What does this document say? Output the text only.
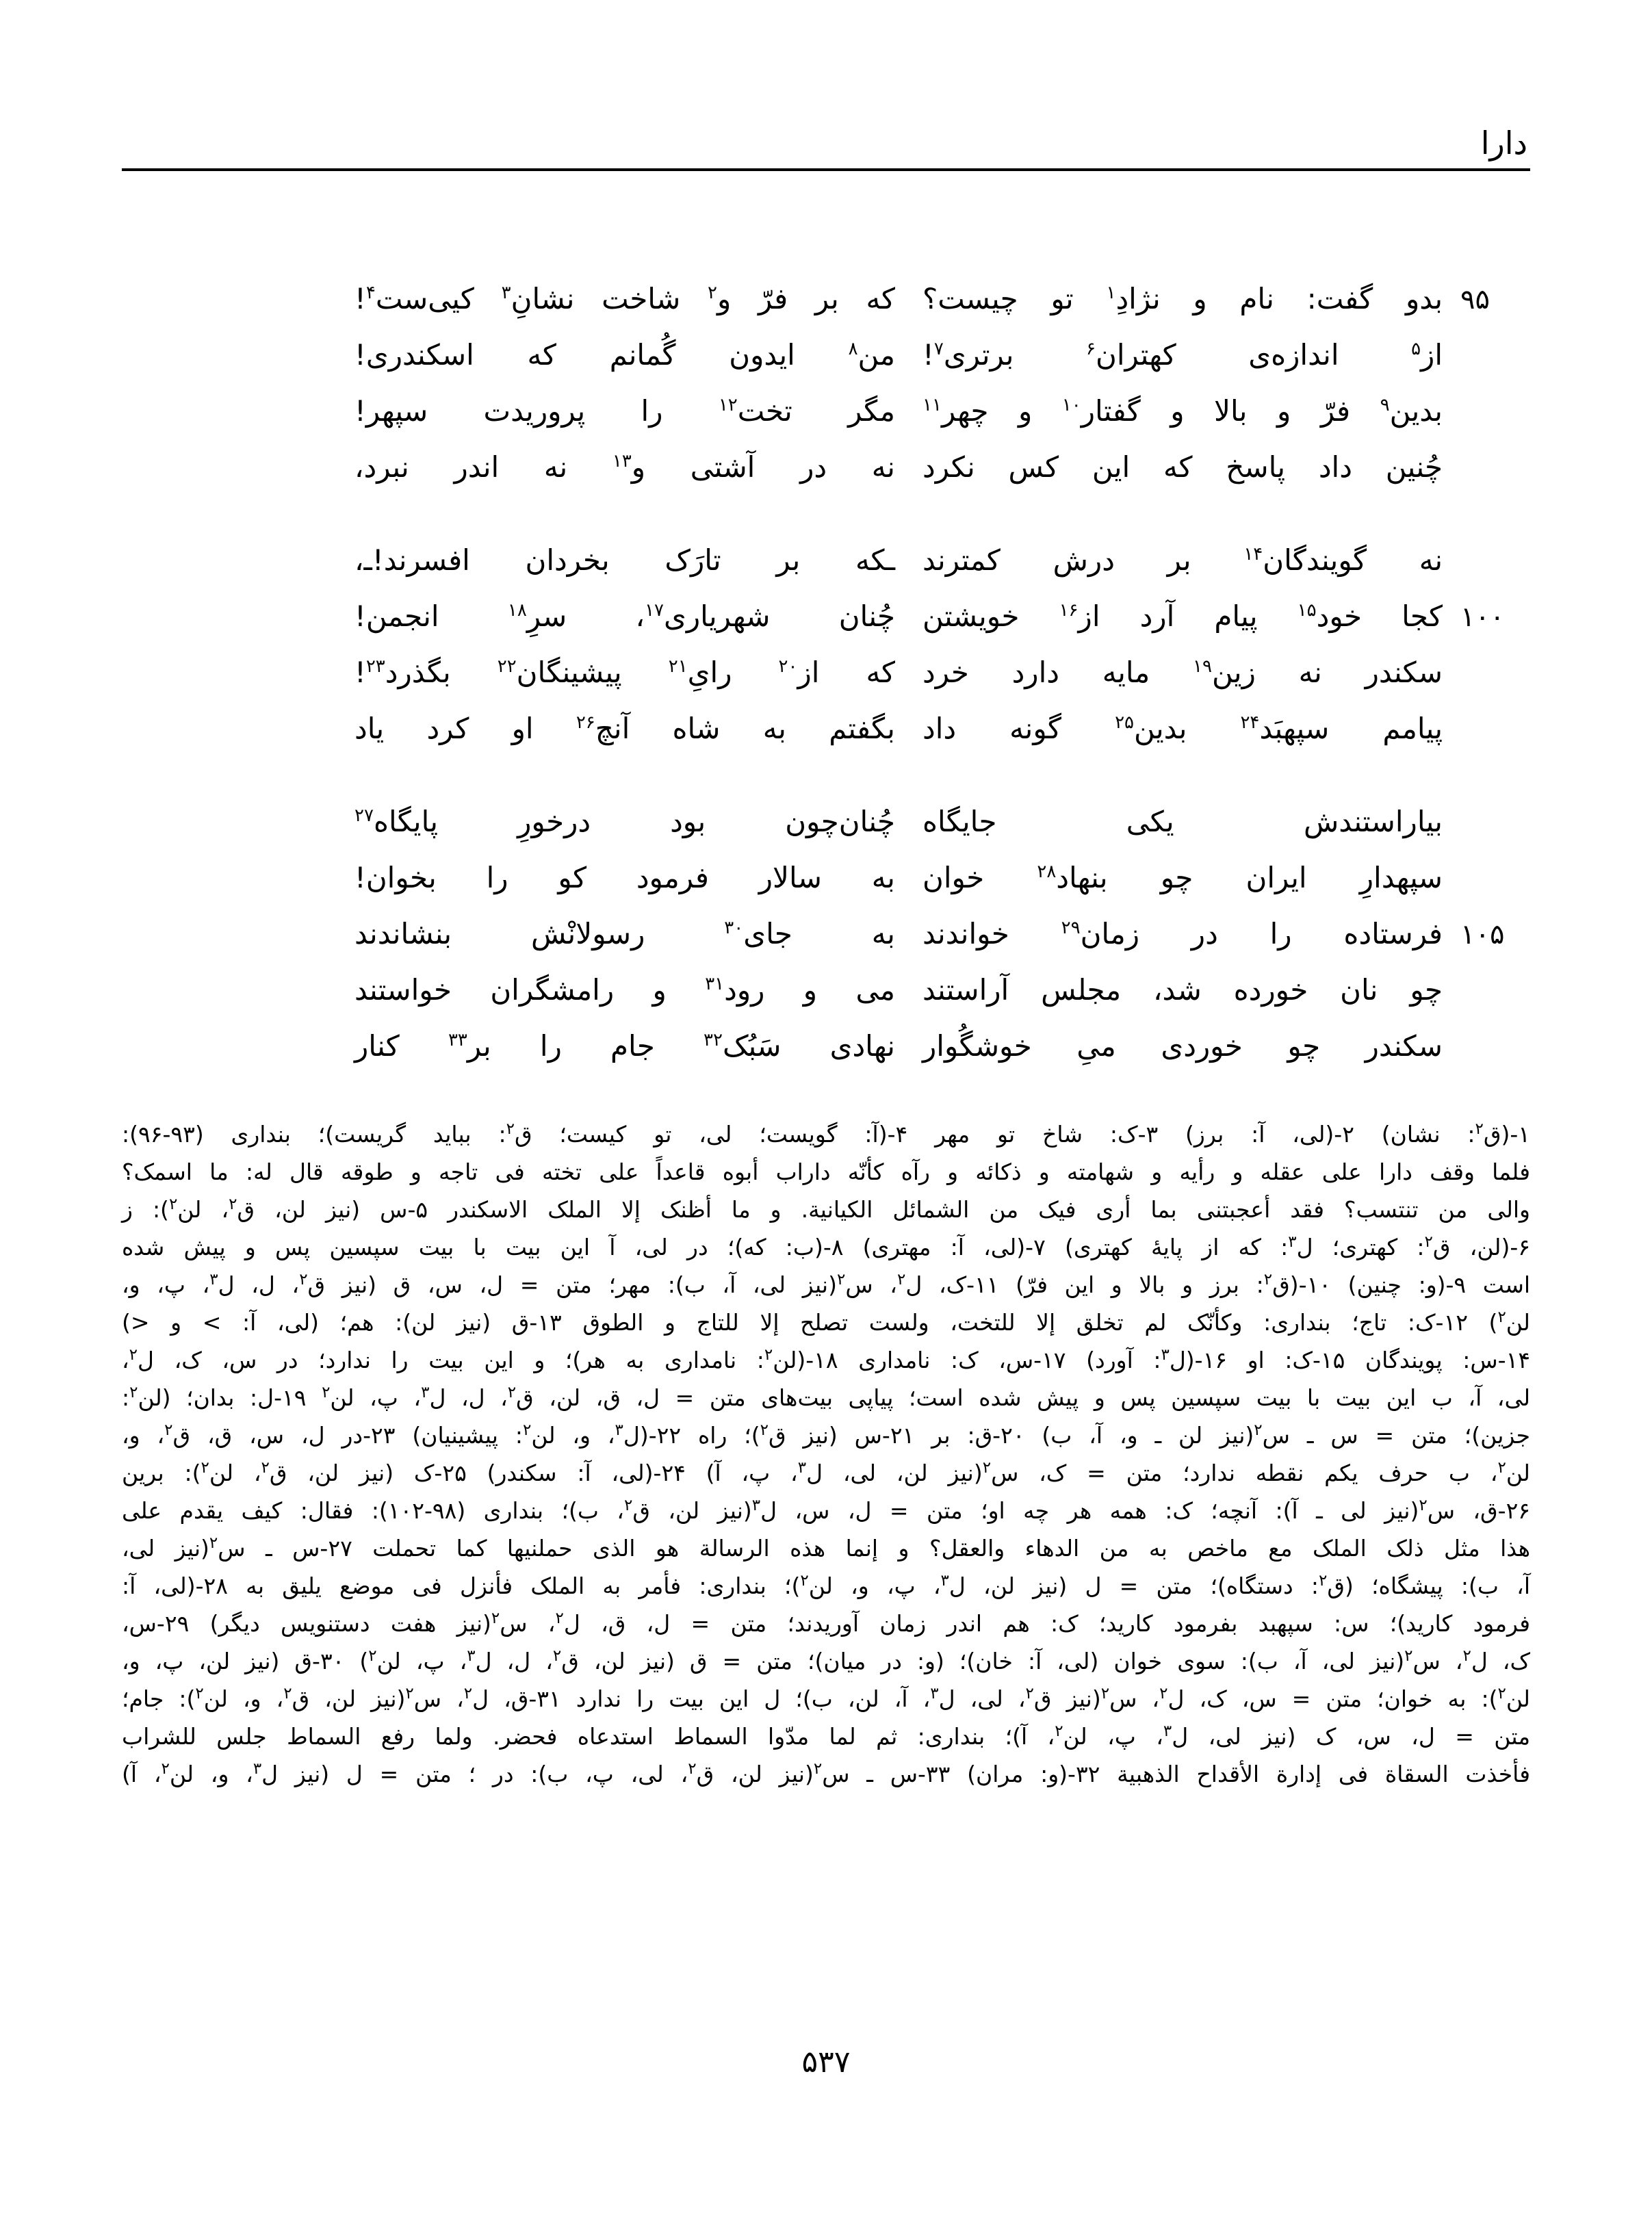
دارا
۹۵
بدو گفت: نام و نژادِ$^۱$ تو چیست؟
که بر فرّ و$^۲$ شاخت نشانِ$^۳$ کیی‌ست$^۴$!
از$^۵$ اندازه‌ی کهتران$^۶$ برتری$^۷$!
من$^۸$ ایدون گُمانم که اسکندری!
بدین$^۹$ فرّ و بالا و گفتار$^{۱۰}$ و چهر$^{۱۱}$
مگر تخت$^{۱۲}$ را پروریدت سپهر!
چُنین داد پاسخ که این کس نکرد
نه در آشتی و$^{۱۳}$ نه اندر نبرد،
نه گویندگان$^{۱۴}$ بر درش کمترند
ـکه بر تارَک بخردان افسرند!ـ،
۱۰۰
کجا خود$^{۱۵}$ پیام آرد از$^{۱۶}$ خویشتن
چُنان شهریاری$^{۱۷}$، سرِ$^{۱۸}$ انجمن!
سکندر نه زین$^{۱۹}$ مایه دارد خرد
که از$^{۲۰}$ رایِ$^{۲۱}$ پیشینگان$^{۲۲}$ بگذرد$^{۲۳}$!
پیامم سپهبَد$^{۲۴}$ بدین$^{۲۵}$ گونه داد
بگفتم به شاه آنچ$^{۲۶}$ او کرد یاد
بیاراستندش یکی جایگاه
چُنان‌چون بود درخورِ پایگاه$^{۲۷}$
سپهدارِ ایران چو بنهاد$^{۲۸}$ خوان
به سالار فرمود کو را بخوان!
۱۰۵
فرستاده را در زمان$^{۲۹}$ خواندند
به جای$^{۳۰}$ رسولانْش بنشاندند
چو نان خورده شد، مجلس آراستند
می و رود$^{۳۱}$ و رامشگران خواستند
سکندر چو خوردی میِ خوشگُوار
نهادی سَبُک$^{۳۲}$ جام را بر$^{۳۳}$ کنار

۱-(ق$^۲$: نشان) ۲-(لی، آ: برز) ۳-ک: شاخ تو مهر ۴-(آ: گویست؛ لی، تو کیست؛ ق$^۲$: بباید گریست)؛ بنداری (۹۳-۹۶):

فلما وقف دارا علی عقله و رأیه و شهامته و ذکائه و رآه کأنّه داراب أبوه قاعداً علی تخته فی تاجه و طوقه قال له: ما اسمک؟

والی من تنتسب؟ فقد أعجبتنی بما أری فیک من الشمائل الکیانیة. و ما أظنک إلا الملک الاسکندر ۵-س (نیز لن، ق$^۲$، لن$^۲$): ز

۶-(لن، ق$^۲$: کهتری؛ ل$^۳$: که از پایهٔ کهتری) ۷-(لی، آ: مهتری) ۸-(ب: که)؛ در لی، آ این بیت با بیت سپسین پس و پیش شده

است ۹-(و: چنین) ۱۰-(ق$^۲$: برز و بالا و این فرّ) ۱۱-ک، ل$^۲$، س$^۲$(نیز لی، آ، ب): مهر؛ متن = ل، س، ق (نیز ق$^۲$، ل، ل$^۳$، پ، و،

لن$^۲$) ۱۲-ک: تاج؛ بنداری: وکأنّک لم تخلق إلا للتخت، ولست تصلح إلا للتاج و الطوق ۱۳-ق (نیز لن): هم؛ (لی، آ: > و <)

۱۴-س: پویندگان ۱۵-ک: او ۱۶-(ل$^۳$: آورد) ۱۷-س، ک: نامداری ۱۸-(لن$^۲$: نامداری به هر)؛ و این بیت را ندارد؛ در س، ک، ل$^۲$،

لی، آ، ب این بیت با بیت سپسین پس و پیش شده است؛ پیاپی بیت‌های متن = ل، ق، لن، ق$^۲$، ل، ل$^۳$، پ، لن$^۲$ ۱۹-ل: بدان؛ (لن$^۲$:

جزین)؛ متن = س ـ س$^۲$(نیز لن ـ و، آ، ب) ۲۰-ق: بر ۲۱-س (نیز ق$^۲$)؛ راه ۲۲-(ل$^۳$، و، لن$^۲$: پیشینیان) ۲۳-در ل، س، ق، ق$^۲$، و،

لن$^۲$، ب حرف یکم نقطه ندارد؛ متن = ک، س$^۲$(نیز لن، لی، ل$^۳$، پ، آ) ۲۴-(لی، آ: سکندر) ۲۵-ک (نیز لن، ق$^۲$، لن$^۲$): برین

۲۶-ق، س$^۲$(نیز لی ـ آ): آنچه؛ ک: همه هر چه او؛ متن = ل، س، ل$^۳$(نیز لن، ق$^۲$، ب)؛ بنداری (۹۸-۱۰۲): فقال: کیف یقدم علی

هذا مثل ذلک الملک مع ماخص به من الدهاء والعقل؟ و إنما هذه الرسالة هو الذی حملنیها کما تحملت ۲۷-س ـ س$^۲$(نیز لی،

آ، ب): پیشگاه؛ (ق$^۲$: دستگاه)؛ متن = ل (نیز لن، ل$^۳$، پ، و، لن$^۲$)؛ بنداری: فأمر به الملک فأنزل فی موضع یلیق به ۲۸-(لی، آ:

فرمود کارید)؛ س: سپهبد بفرمود کارید؛ ک: هم اندر زمان آوریدند؛ متن = ل، ق، ل$^۲$، س$^۲$(نیز هفت دستنویس دیگر) ۲۹-س،

ک، ل$^۲$، س$^۲$(نیز لی، آ، ب): سوی خوان (لی، آ: خان)؛ (و: در میان)؛ متن = ق (نیز لن، ق$^۲$، ل، ل$^۳$، پ، لن$^۲$) ۳۰-ق (نیز لن، پ، و،

لن$^۲$): به خوان؛ متن = س، ک، ل$^۲$، س$^۲$(نیز ق$^۲$، لی، ل$^۳$، آ، لن، ب)؛ ل این بیت را ندارد ۳۱-ق، ل$^۲$، س$^۲$(نیز لن، ق$^۲$، و، لن$^۲$): جام؛

متن = ل، س، ک (نیز لی، ل$^۳$، پ، لن$^۲$، آ)؛ بنداری: ثم لما مدّوا السماط استدعاه فحضر. ولما رفع السماط جلس للشراب

فأخذت السقاة فی إدارة الأقداح الذهبیة ۳۲-(و: مران) ۳۳-س ـ س$^۲$(نیز لن، ق$^۲$، لی، پ، ب): در ؛ متن = ل (نیز ل$^۳$، و، لن$^۲$، آ)

۵۳۷
